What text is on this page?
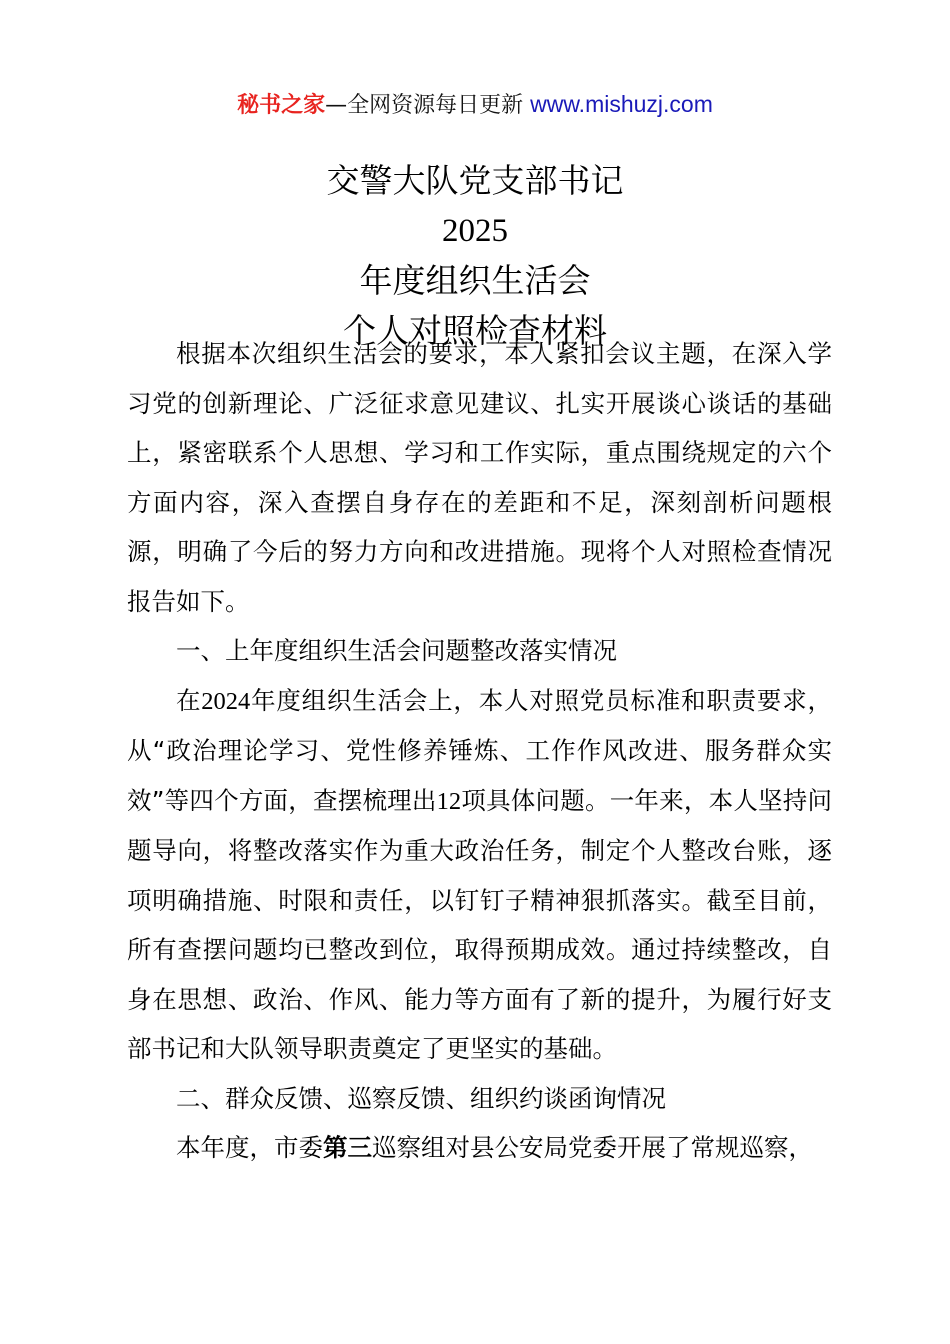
秘书之家—全网资源每日更新 www.mishuzj.com
交警大队党支部书记
2025
年度组织生活会
个人对照检查材料

根据本次组织生活会的要求，本人紧扣会议主题，在深入学习党的创新理论、广泛征求意见建议、扎实开展谈心谈话的基础上，紧密联系个人思想、学习和工作实际，重点围绕规定的六个方面内容，深入查摆自身存在的差距和不足，深刻剖析问题根源，明确了今后的努力方向和改进措施。现将个人对照检查情况报告如下。

一、上年度组织生活会问题整改落实情况

在2024年度组织生活会上，本人对照党员标准和职责要求，从“政治理论学习、党性修养锤炼、工作作风改进、服务群众实效”等四个方面，查摆梳理出12项具体问题。一年来，本人坚持问题导向，将整改落实作为重大政治任务，制定个人整改台账，逐项明确措施、时限和责任，以钉钉子精神狠抓落实。截至目前，所有查摆问题均已整改到位，取得预期成效。通过持续整改，自身在思想、政治、作风、能力等方面有了新的提升，为履行好支部书记和大队领导职责奠定了更坚实的基础。

二、群众反馈、巡察反馈、组织约谈函询情况

本年度，市委第三巡察组对县公安局党委开展了常规巡察，
